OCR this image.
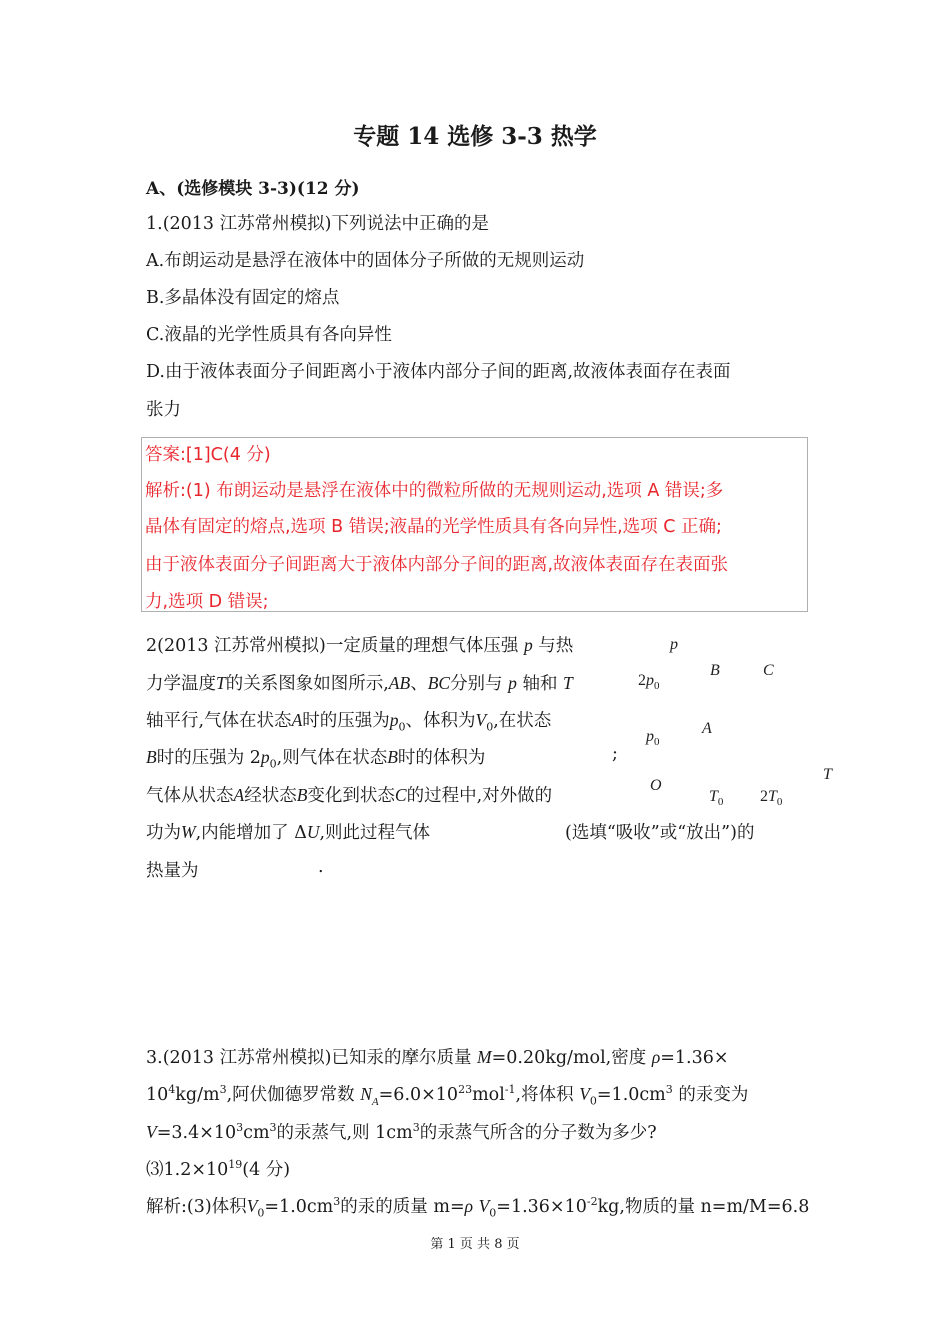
专题 14 选修 3-3 热学
A、(选修模块 3-3)(12 分)
1.(2013 江苏常州模拟)下列说法中正确的是
A.布朗运动是悬浮在液体中的固体分子所做的无规则运动
B.多晶体没有固定的熔点
C.液晶的光学性质具有各向异性
D.由于液体表面分子间距离小于液体内部分子间的距离,故液体表面存在表面
张力
答案:[1]C(4 分)
解析:(1) 布朗运动是悬浮在液体中的微粒所做的无规则运动,选项 A 错误;多
晶体有固定的熔点,选项 B 错误;液晶的光学性质具有各向异性,选项 C 正确;
由于液体表面分子间距离大于液体内部分子间的距离,故液体表面存在表面张
力,选项 D 错误;
2(2013 江苏常州模拟)一定质量的理想气体压强 p 与热
力学温度T的关系图象如图所示,AB、BC分别与 p 轴和 T
轴平行,气体在状态A时的压强为$p_0$、体积为$V_0$,在状态
B时的压强为 $2p_0$,则气体在状态B时的体积为	;
气体从状态A经状态B变化到状态C的过程中,对外做的
功为W,内能增加了 ΔU,则此过程气体	(选填“吸收”或“放出”)的
热量为	.
p
$2p_0$
B	C
A
$p_0$
O
$T_0$ $2T_0$
T
3.(2013 江苏常州模拟)已知汞的摩尔质量 M=0.20kg/mol,密度 ρ=1.36×
$10^4kg/m^3$,阿伏伽德罗常数 $N_A=6.0\times 10^{23}mol^{-1}$,将体积 $V_0=1.0cm^3$ 的汞变为
$V=3.4\times 10^3cm^3$的汞蒸气,则 $1cm^3$的汞蒸气所含的分子数为多少?
$⑶1.2\times 10^{19}(4$ 分)
解析:(3)体积$V_0=1.0cm^3$的汞的质量 m=ρ $V_0=1.36\times 10^{-2}kg$,物质的量 n=m/M=6.8
第 1 页 共 8 页
